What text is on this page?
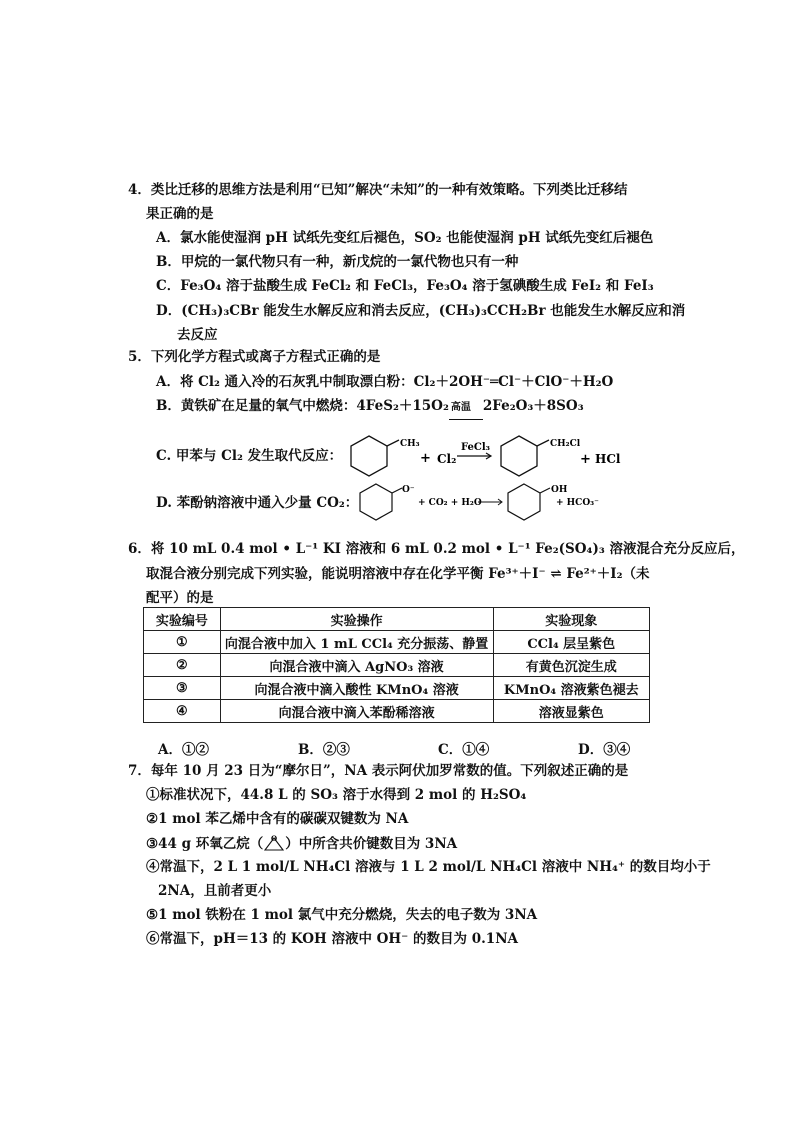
4．类比迁移的思维方法是利用“已知”解决“未知”的一种有效策略。下列类比迁移结
果正确的是
A．氯水能使湿润 pH 试纸先变红后褪色，SO₂ 也能使湿润 pH 试纸先变红后褪色
B．甲烷的一氯代物只有一种，新戊烷的一氯代物也只有一种
C．Fe₃O₄ 溶于盐酸生成 FeCl₂ 和 FeCl₃，Fe₃O₄ 溶于氢碘酸生成 FeI₂ 和 FeI₃
D．(CH₃)₃CBr 能发生水解反应和消去反应，(CH₃)₃CCH₂Br 也能发生水解反应和消
去反应
5．下列化学方程式或离子方程式正确的是
A．将 Cl₂ 通入冷的石灰乳中制取漂白粉：Cl₂＋2OH⁻═Cl⁻＋ClO⁻＋H₂O
B．黄铁矿在足量的氧气中燃烧：4FeS₂＋15O₂ 高温 2Fe₂O₃＋8SO₃
C. 甲苯与 Cl₂ 发生取代反应：
CH₃
+ Cl₂
FeCl₃	CH₂Cl
+ HCl
D. 苯酚钠溶液中通入少量 CO₂：
O⁻
+ CO₂ + H₂O
OH
+ HCO₃⁻
6．将 10 mL 0.4 mol • L⁻¹ KI 溶液和 6 mL 0.2 mol • L⁻¹ Fe₂(SO₄)₃ 溶液混合充分反应后，
取混合液分别完成下列实验，能说明溶液中存在化学平衡 Fe³⁺＋I⁻ ⇌ Fe²⁺＋I₂（未
配平）的是
实验编号	实验操作	实验现象
①	向混合液中加入 1 mL CCl₄ 充分振荡、静置	CCl₄ 层呈紫色
②	向混合液中滴入 AgNO₃ 溶液	有黄色沉淀生成
③	向混合液中滴入酸性 KMnO₄ 溶液	KMnO₄ 溶液紫色褪去
④	向混合液中滴入苯酚稀溶液	溶液显紫色
A．①②	B．②③	C．①④	D．③④
7．每年 10 月 23 日为“摩尔日”，NA 表示阿伏加罗常数的值。下列叙述正确的是
①标准状况下，44.8 L 的 SO₃ 溶于水得到 2 mol 的 H₂SO₄
②1 mol 苯乙烯中含有的碳碳双键数为 NA
③44 g 环氧乙烷（ O ）中所含共价键数目为 3NA
④常温下，2 L 1 mol/L NH₄Cl 溶液与 1 L 2 mol/L NH₄Cl 溶液中 NH₄⁺ 的数目均小于
2NA，且前者更小
⑤1 mol 铁粉在 1 mol 氯气中充分燃烧，失去的电子数为 3NA
⑥常温下，pH＝13 的 KOH 溶液中 OH⁻ 的数目为 0.1NA
